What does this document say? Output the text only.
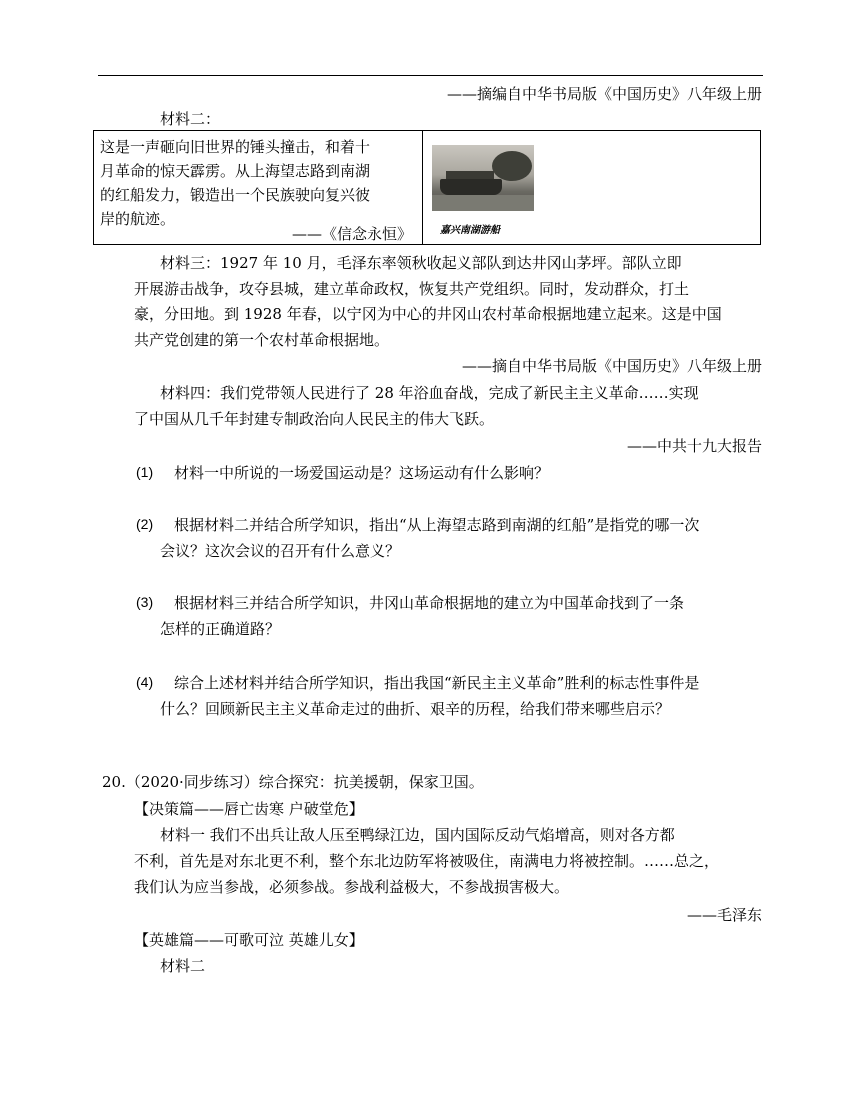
——摘编自中华书局版《中国历史》八年级上册
材料二：
这是一声砸向旧世界的锤头撞击，和着十
月革命的惊天霹雳。从上海望志路到南湖
的红船发力，锻造出一个民族驶向复兴彼
岸的航迹。
——《信念永恒》	嘉兴南湖游船
材料三：1927 年 10 月，毛泽东率领秋收起义部队到达井冈山茅坪。部队立即
开展游击战争，攻夺县城，建立革命政权，恢复共产党组织。同时，发动群众，打土
豪，分田地。到 1928 年春，以宁冈为中心的井冈山农村革命根据地建立起来。这是中国
共产党创建的第一个农村革命根据地。
——摘自中华书局版《中国历史》八年级上册
材料四：我们党带领人民进行了 28 年浴血奋战，完成了新民主主义革命……实现
了中国从几千年封建专制政治向人民民主的伟大飞跃。
——中共十九大报告
(1) 材料一中所说的一场爱国运动是？这场运动有什么影响？
(2) 根据材料二并结合所学知识，指出“从上海望志路到南湖的红船”是指党的哪一次
会议？这次会议的召开有什么意义？
(3) 根据材料三并结合所学知识，井冈山革命根据地的建立为中国革命找到了一条
怎样的正确道路？
(4) 综合上述材料并结合所学知识，指出我国“新民主主义革命”胜利的标志性事件是
什么？回顾新民主主义革命走过的曲折、艰辛的历程，给我们带来哪些启示？
20.（2020·同步练习）综合探究：抗美援朝，保家卫国。
【决策篇——唇亡齿寒 户破堂危】
材料一 我们不出兵让敌人压至鸭绿江边，国内国际反动气焰增高，则对各方都
不利，首先是对东北更不利，整个东北边防军将被吸住，南满电力将被控制。……总之，
我们认为应当参战，必须参战。参战利益极大，不参战损害极大。
——毛泽东
【英雄篇——可歌可泣 英雄儿女】
材料二
